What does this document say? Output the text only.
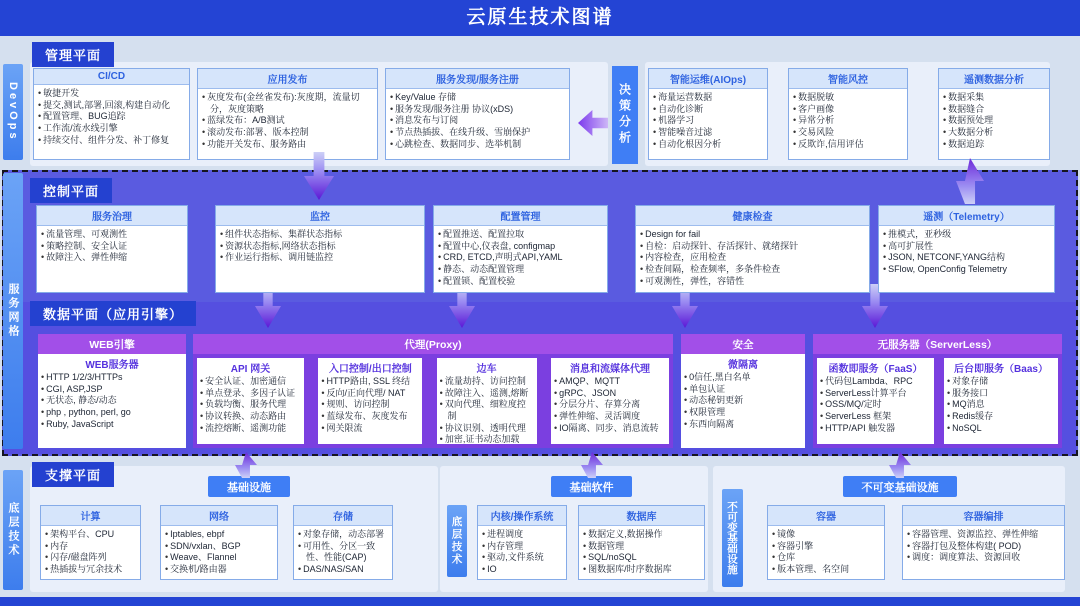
云原生技术图谱
管理平面
DevOps
CI/CD
• 敏捷开发
• 提交,测试,部署,回滚,构建自动化
• 配置管理、BUG追踪
• 工作流/流水线引擎
• 持续交付、组件分发、补丁修复
应用发布
• 灰度发布(金丝雀发布):灰度期，流量切分，灰度策略
• 蓝绿发布：A/B测试
• 滚动发布:部署、版本控制
• 功能开关发布、服务路由
服务发现/服务注册
• Key/Value 存储
• 服务发现/服务注册 协议(xDS)
• 消息发布与订阅
• 节点热插拔、在线升级、雪崩保护
• 心跳检查、数据同步、选举机制	决策分析
智能运维(AIOps)
• 海量运营数据
• 自动化诊断
• 机器学习
• 智能噪音过滤
• 自动化根因分析
智能风控
• 数据脱敏
• 客户画像
• 异常分析
• 交易风险
• 反欺诈,信用评估
遥测数据分析
• 数据采集
• 数据缝合
• 数据预处理
• 大数据分析
• 数据追踪
服务网格
控制平面
数据平面（应用引擎）
支撑平面
底层技术
基础设施
计算
• 架构平台、CPU
• 内存
• 闪存/磁盘阵列
• 热插拔与冗余技术
网络
• Iptables, ebpf
• SDN/vxlan、BGP
• Weave、Flannel
• 交换机/路由器
存储
• 对象存储，动态部署
• 可用性、分区一致性、性能(CAP)
• DAS/NAS/SAN
基础软件
底层技术	内核/操作系统
• 进程调度
• 内存管理
• 驱动,文件系统
• IO
数据库
• 数据定义,数据操作
• 数据管理
• SQL/noSQL
• 图数据库/时序数据库
不可变基础设施
不可变基础设施	容器
• 镜像
• 容器引擎
• 仓库
• 版本管理、名空间
容器编排
• 容器管理、资源监控、弹性伸缩
• 容器打包及整体构建( POD)
• 调度：调度算法、资源回收
服务治理
• 流量管理、可观测性
• 策略控制、安全认证
• 故障注入、弹性伸缩
监控
• 组件状态指标、集群状态指标
• 资源状态指标,网络状态指标
• 作业运行指标、调用链监控
配置管理
• 配置推送、配置拉取
• 配置中心,仪表盘, configmap
• CRD, ETCD,声明式API,YAML
• 静态、动态配置管理
• 配置锁、配置校验
健康检查
• Design for fail
• 自检：启动探针、存活探针、就绪探针
• 内容检查，应用检查
• 检查间隔，检查频率，多条件检查
• 可观测性，弹性，容错性
遥测（Telemetry）
• 推模式，亚秒级
• 高可扩展性
• JSON, NETCONF,YANG结构
• SFlow, OpenConfig Telemetry
WEB引擎
WEB服务器
• HTTP 1/2/3/HTTPs
• CGI, ASP,JSP
• 无状态, 静态/动态
• php , python, perl, go
• Ruby, JavaScript
代理(Proxy)
API 网关
• 安全认证、加密通信
• 单点登录、多因子认证
• 负载均衡、服务代理
• 协议转换、动态路由
• 流控熔断、遥测功能
入口控制/出口控制
• HTTP路由, SSL 终结
• 反向/正向代理/ NAT
• 规则、访问控制
• 蓝绿发布、灰度发布
• 网关限流
边车
• 流量劫持、访问控制
• 故障注入、遥测,熔断
• 双向代理、细粒度控制
• 协议识别、透明代理
• 加密,证书动态加载
消息和流媒体代理
• AMQP、MQTT
• gRPC、JSON
• 分层分片、存算分离
• 弹性伸缩、灵活调度
• IO隔离、同步、消息流转
安全
微隔离
• 0信任,黑白名单
• 单包认证
• 动态秘钥更新
• 权限管理
• 东西向隔离
无服务器（ServerLess）
函数即服务（FaaS）
• 代码包Lambda、RPC
• ServerLess计算平台
• OSS/MQ/定时
• ServerLess 框架
• HTTP/API 触发器
后台即服务（Baas）
• 对象存储
• 服务接口
• MQ消息
• Redis缓存
• NoSQL
